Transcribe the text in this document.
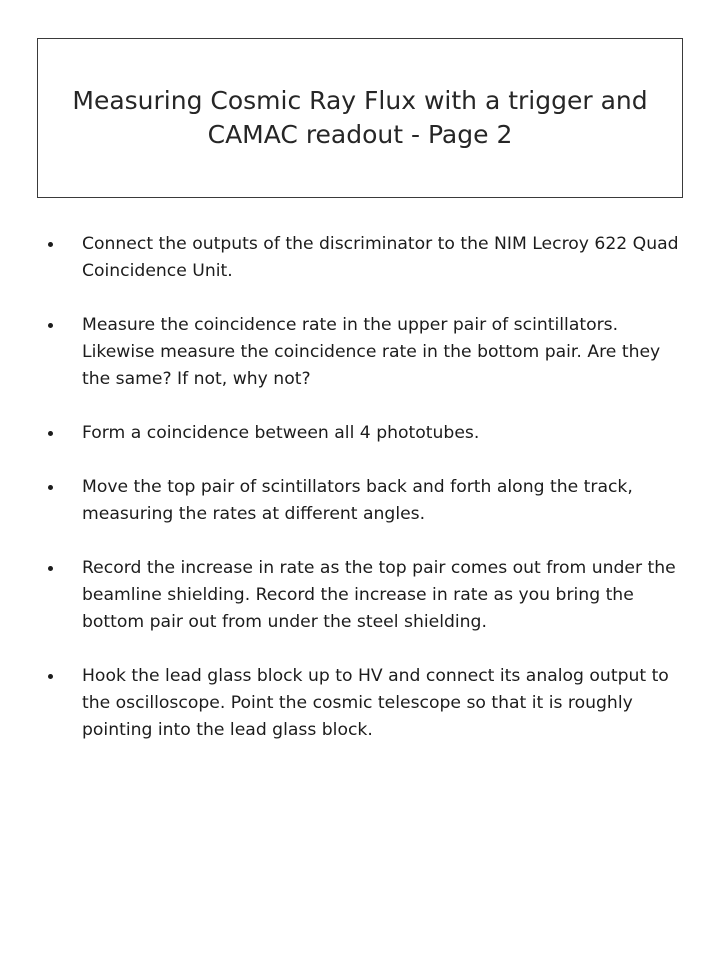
Measuring Cosmic Ray Flux with a trigger and CAMAC readout - Page 2
Connect the outputs of the discriminator to the NIM Lecroy 622 Quad Coincidence Unit.
Measure the coincidence rate in the upper pair of scintillators. Likewise measure the coincidence rate in the bottom pair. Are they the same? If not, why not?
Form a coincidence between all 4 phototubes.
Move the top pair of scintillators back and forth along the track, measuring the rates at different angles.
Record the increase in rate as the top pair comes out from under the beamline shielding. Record the increase in rate as you bring the bottom pair out from under the steel shielding.
Hook the lead glass block up to HV and connect its analog output to the oscilloscope. Point the cosmic telescope so that it is roughly pointing into the lead glass block.
